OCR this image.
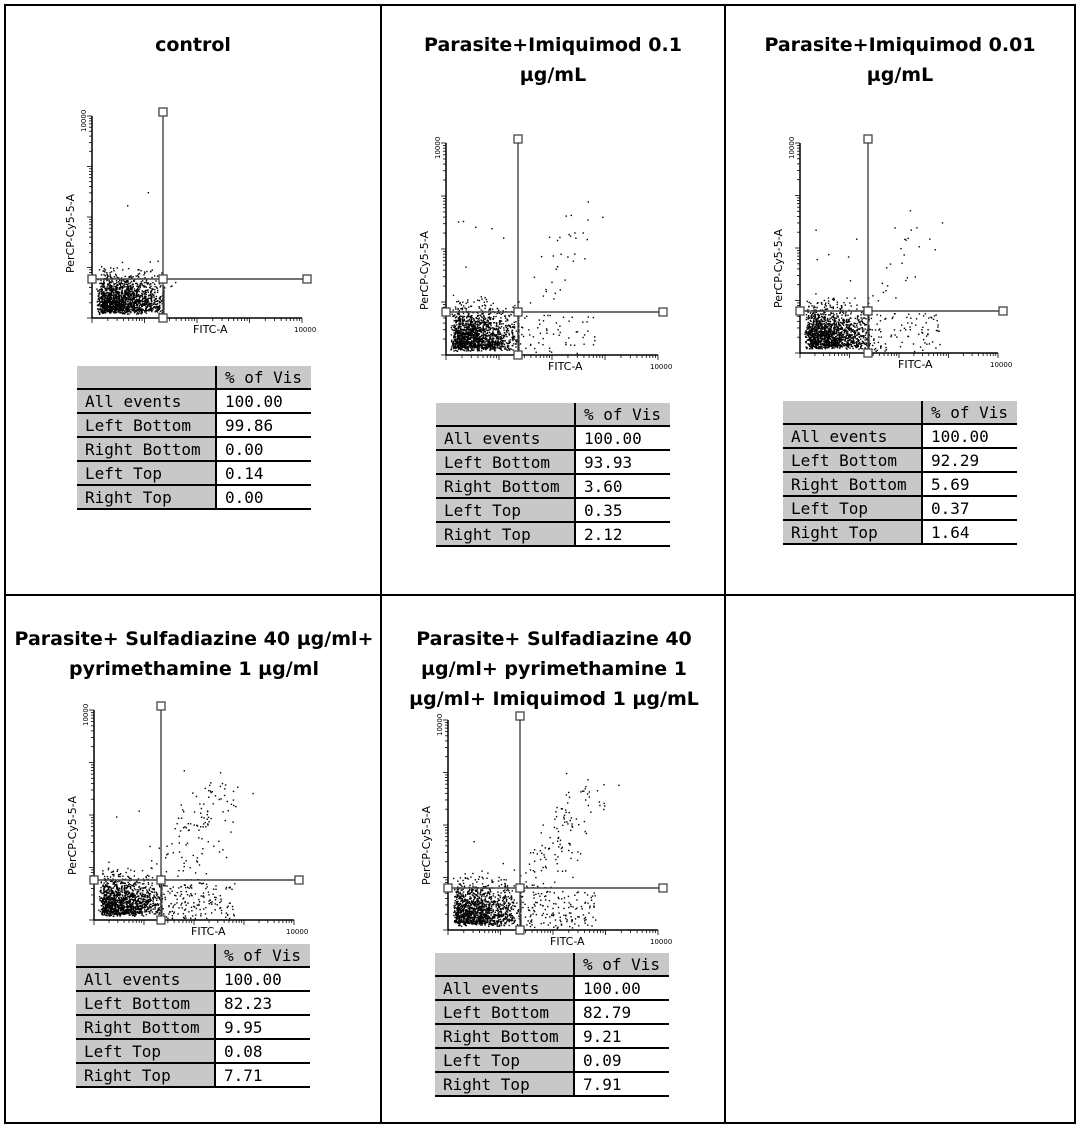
control
FITC-A	10000
PerCP-Cy5-5-A
10000
	% of Vis
All events	100.00
Left Bottom	99.86
Right Bottom	0.00
Left Top	0.14
Right Top	0.00
Parasite+Imiquimod 0.1 µg/mL
FITC-A	10000
PerCP-Cy5-5-A
10000
	% of Vis
All events	100.00
Left Bottom	93.93
Right Bottom	3.60
Left Top	0.35
Right Top	2.12
Parasite+Imiquimod 0.01 µg/mL
FITC-A	10000
PerCP-Cy5-5-A
10000
	% of Vis
All events	100.00
Left Bottom	92.29
Right Bottom	5.69
Left Top	0.37
Right Top	1.64
Parasite+ Sulfadiazine 40 µg/ml+ pyrimethamine 1 µg/ml
FITC-A	10000
PerCP-Cy5-5-A
10000
	% of Vis
All events	100.00
Left Bottom	82.23
Right Bottom	9.95
Left Top	0.08
Right Top	7.71
Parasite+ Sulfadiazine 40 µg/ml+ pyrimethamine 1 µg/ml+ Imiquimod 1 µg/mL
FITC-A	10000
PerCP-Cy5-5-A
10000
	% of Vis
All events	100.00
Left Bottom	82.79
Right Bottom	9.21
Left Top	0.09
Right Top	7.91
